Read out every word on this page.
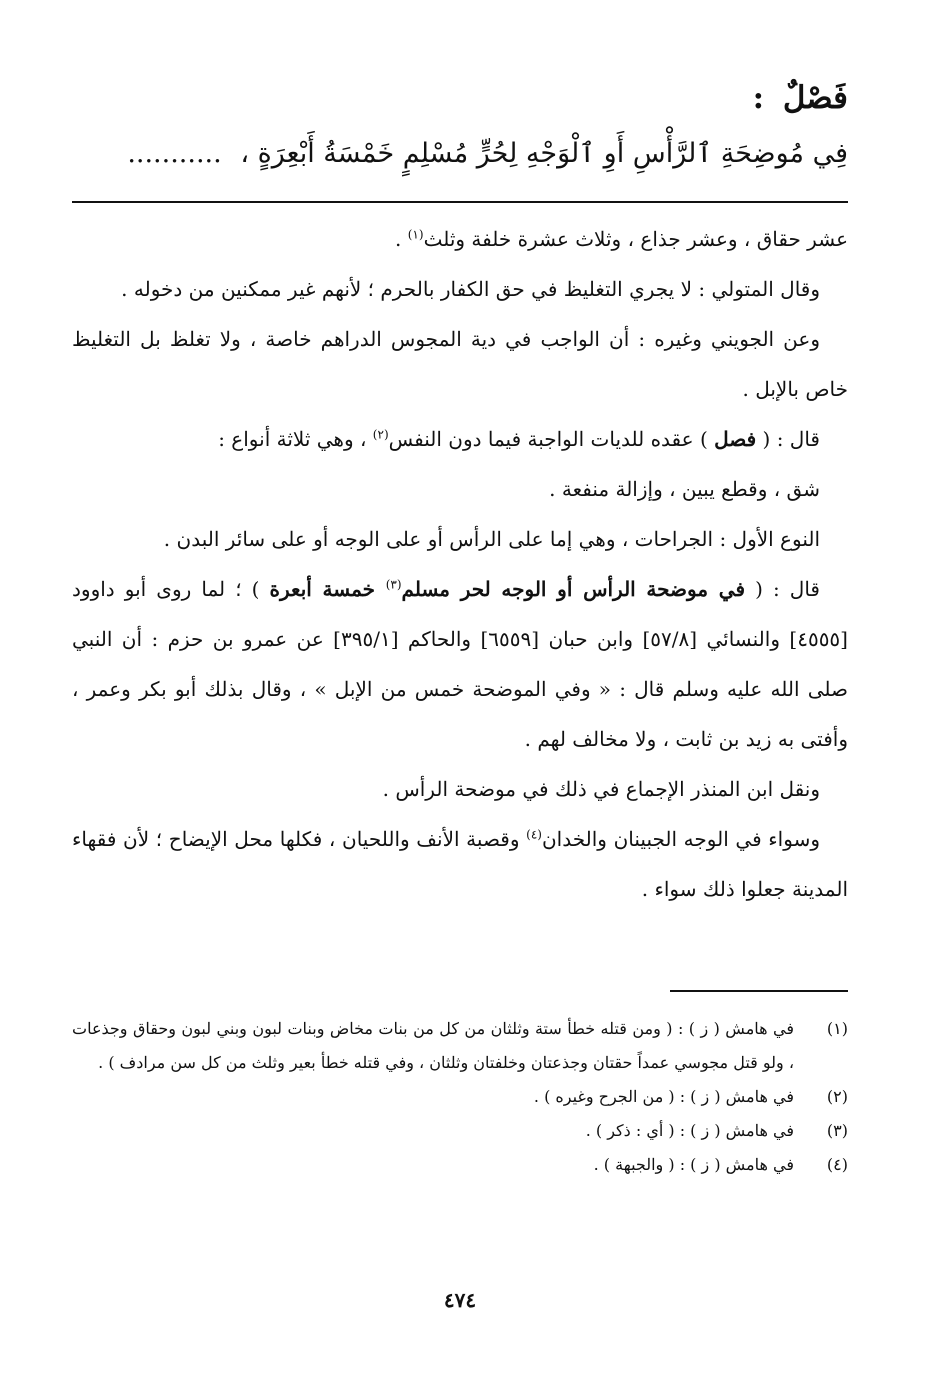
فَصْلٌ :
فِي مُوضِحَةِ ٱلرَّأْسِ أَوِ ٱلْوَجْهِ لِحُرٍّ مُسْلِمٍ خَمْسَةُ أَبْعِرَةٍ ، ...........

عشر حقاق ، وعشر جذاع ، وثلاث عشرة خلفة وثلث$^{(١)}$ .

وقال المتولي : لا يجري التغليظ في حق الكفار بالحرم ؛ لأنهم غير ممكنين من دخوله .

وعن الجويني وغيره : أن الواجب في دية المجوس الدراهم خاصة ، ولا تغلظ بل التغليظ خاص بالإبل .

قال : ( فصل ) عقده للديات الواجبة فيما دون النفس$^{(٢)}$ ، وهي ثلاثة أنواع :

شق ، وقطع يبين ، وإزالة منفعة .

النوع الأول : الجراحات ، وهي إما على الرأس أو على الوجه أو على سائر البدن .

قال : ( في موضحة الرأس أو الوجه لحر مسلم$^{(٣)}$ خمسة أبعرة ) ؛ لما روى أبو داوود [٤٥٥٥] والنسائي [٥٧/٨] وابن حبان [٦٥٥٩] والحاكم [٣٩٥/١] عن عمرو بن حزم : أن النبي صلى الله عليه وسلم قال : « وفي الموضحة خمس من الإبل » ، وقال بذلك أبو بكر وعمر ، وأفتى به زيد بن ثابت ، ولا مخالف لهم .

ونقل ابن المنذر الإجماع في ذلك في موضحة الرأس .

وسواء في الوجه الجبينان والخدان$^{(٤)}$ وقصبة الأنف واللحيان ، فكلها محل الإيضاح ؛ لأن فقهاء المدينة جعلوا ذلك سواء .

(١)
في هامش ( ز ) : ( ومن قتله خطأ ستة وثلثان من كل من بنات مخاض وبنات لبون وبني لبون وحقاق وجذعات ، ولو قتل مجوسي عمداً حقتان وجذعتان وخلفتان وثلثان ، وفي قتله خطأ بعير وثلث من كل سن مرادف ) .
(٢)
في هامش ( ز ) : ( من الجرح وغيره ) .
(٣)
في هامش ( ز ) : ( أي : ذكر ) .
(٤)
في هامش ( ز ) : ( والجبهة ) .
٤٧٤
